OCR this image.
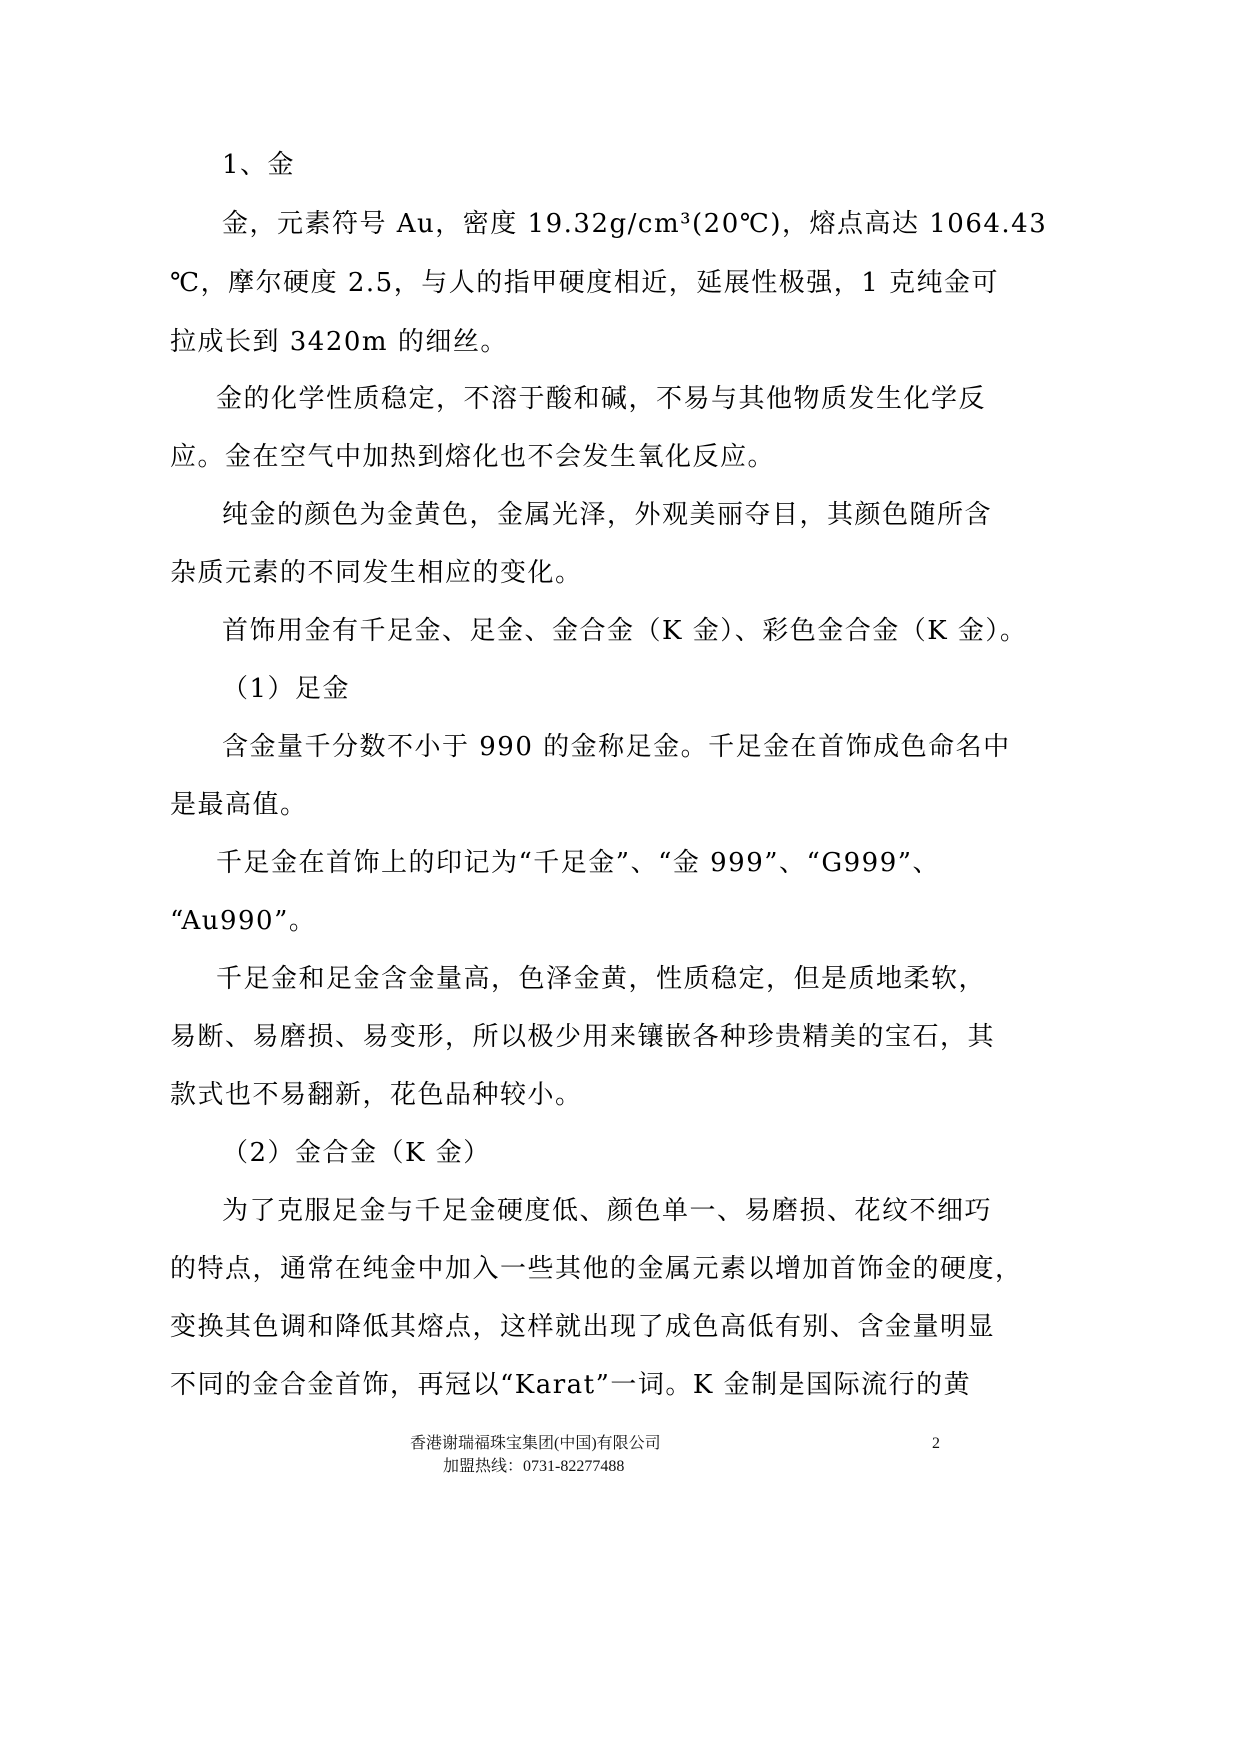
1、金

金，元素符号 Au，密度 19.32g/cm³(20℃)，熔点高达 1064.43

℃，摩尔硬度 2.5，与人的指甲硬度相近，延展性极强，1 克纯金可

拉成长到 3420m 的细丝。

金的化学性质稳定，不溶于酸和碱，不易与其他物质发生化学反

应。金在空气中加热到熔化也不会发生氧化反应。

纯金的颜色为金黄色，金属光泽，外观美丽夺目，其颜色随所含

杂质元素的不同发生相应的变化。

首饰用金有千足金、足金、金合金（K 金）、彩色金合金（K 金）。

（1）足金

含金量千分数不小于 990 的金称足金。千足金在首饰成色命名中

是最高值。

千足金在首饰上的印记为“千足金”、“金 999”、“G999”、

“Au990”。

千足金和足金含金量高，色泽金黄，性质稳定，但是质地柔软，

易断、易磨损、易变形，所以极少用来镶嵌各种珍贵精美的宝石，其

款式也不易翻新，花色品种较小。

（2）金合金（K 金）

为了克服足金与千足金硬度低、颜色单一、易磨损、花纹不细巧

的特点，通常在纯金中加入一些其他的金属元素以增加首饰金的硬度，

变换其色调和降低其熔点，这样就出现了成色高低有别、含金量明显

不同的金合金首饰，再冠以“Karat”一词。K 金制是国际流行的黄

香港谢瑞福珠宝集团(中国)有限公司
加盟热线：0731-82277488
2
